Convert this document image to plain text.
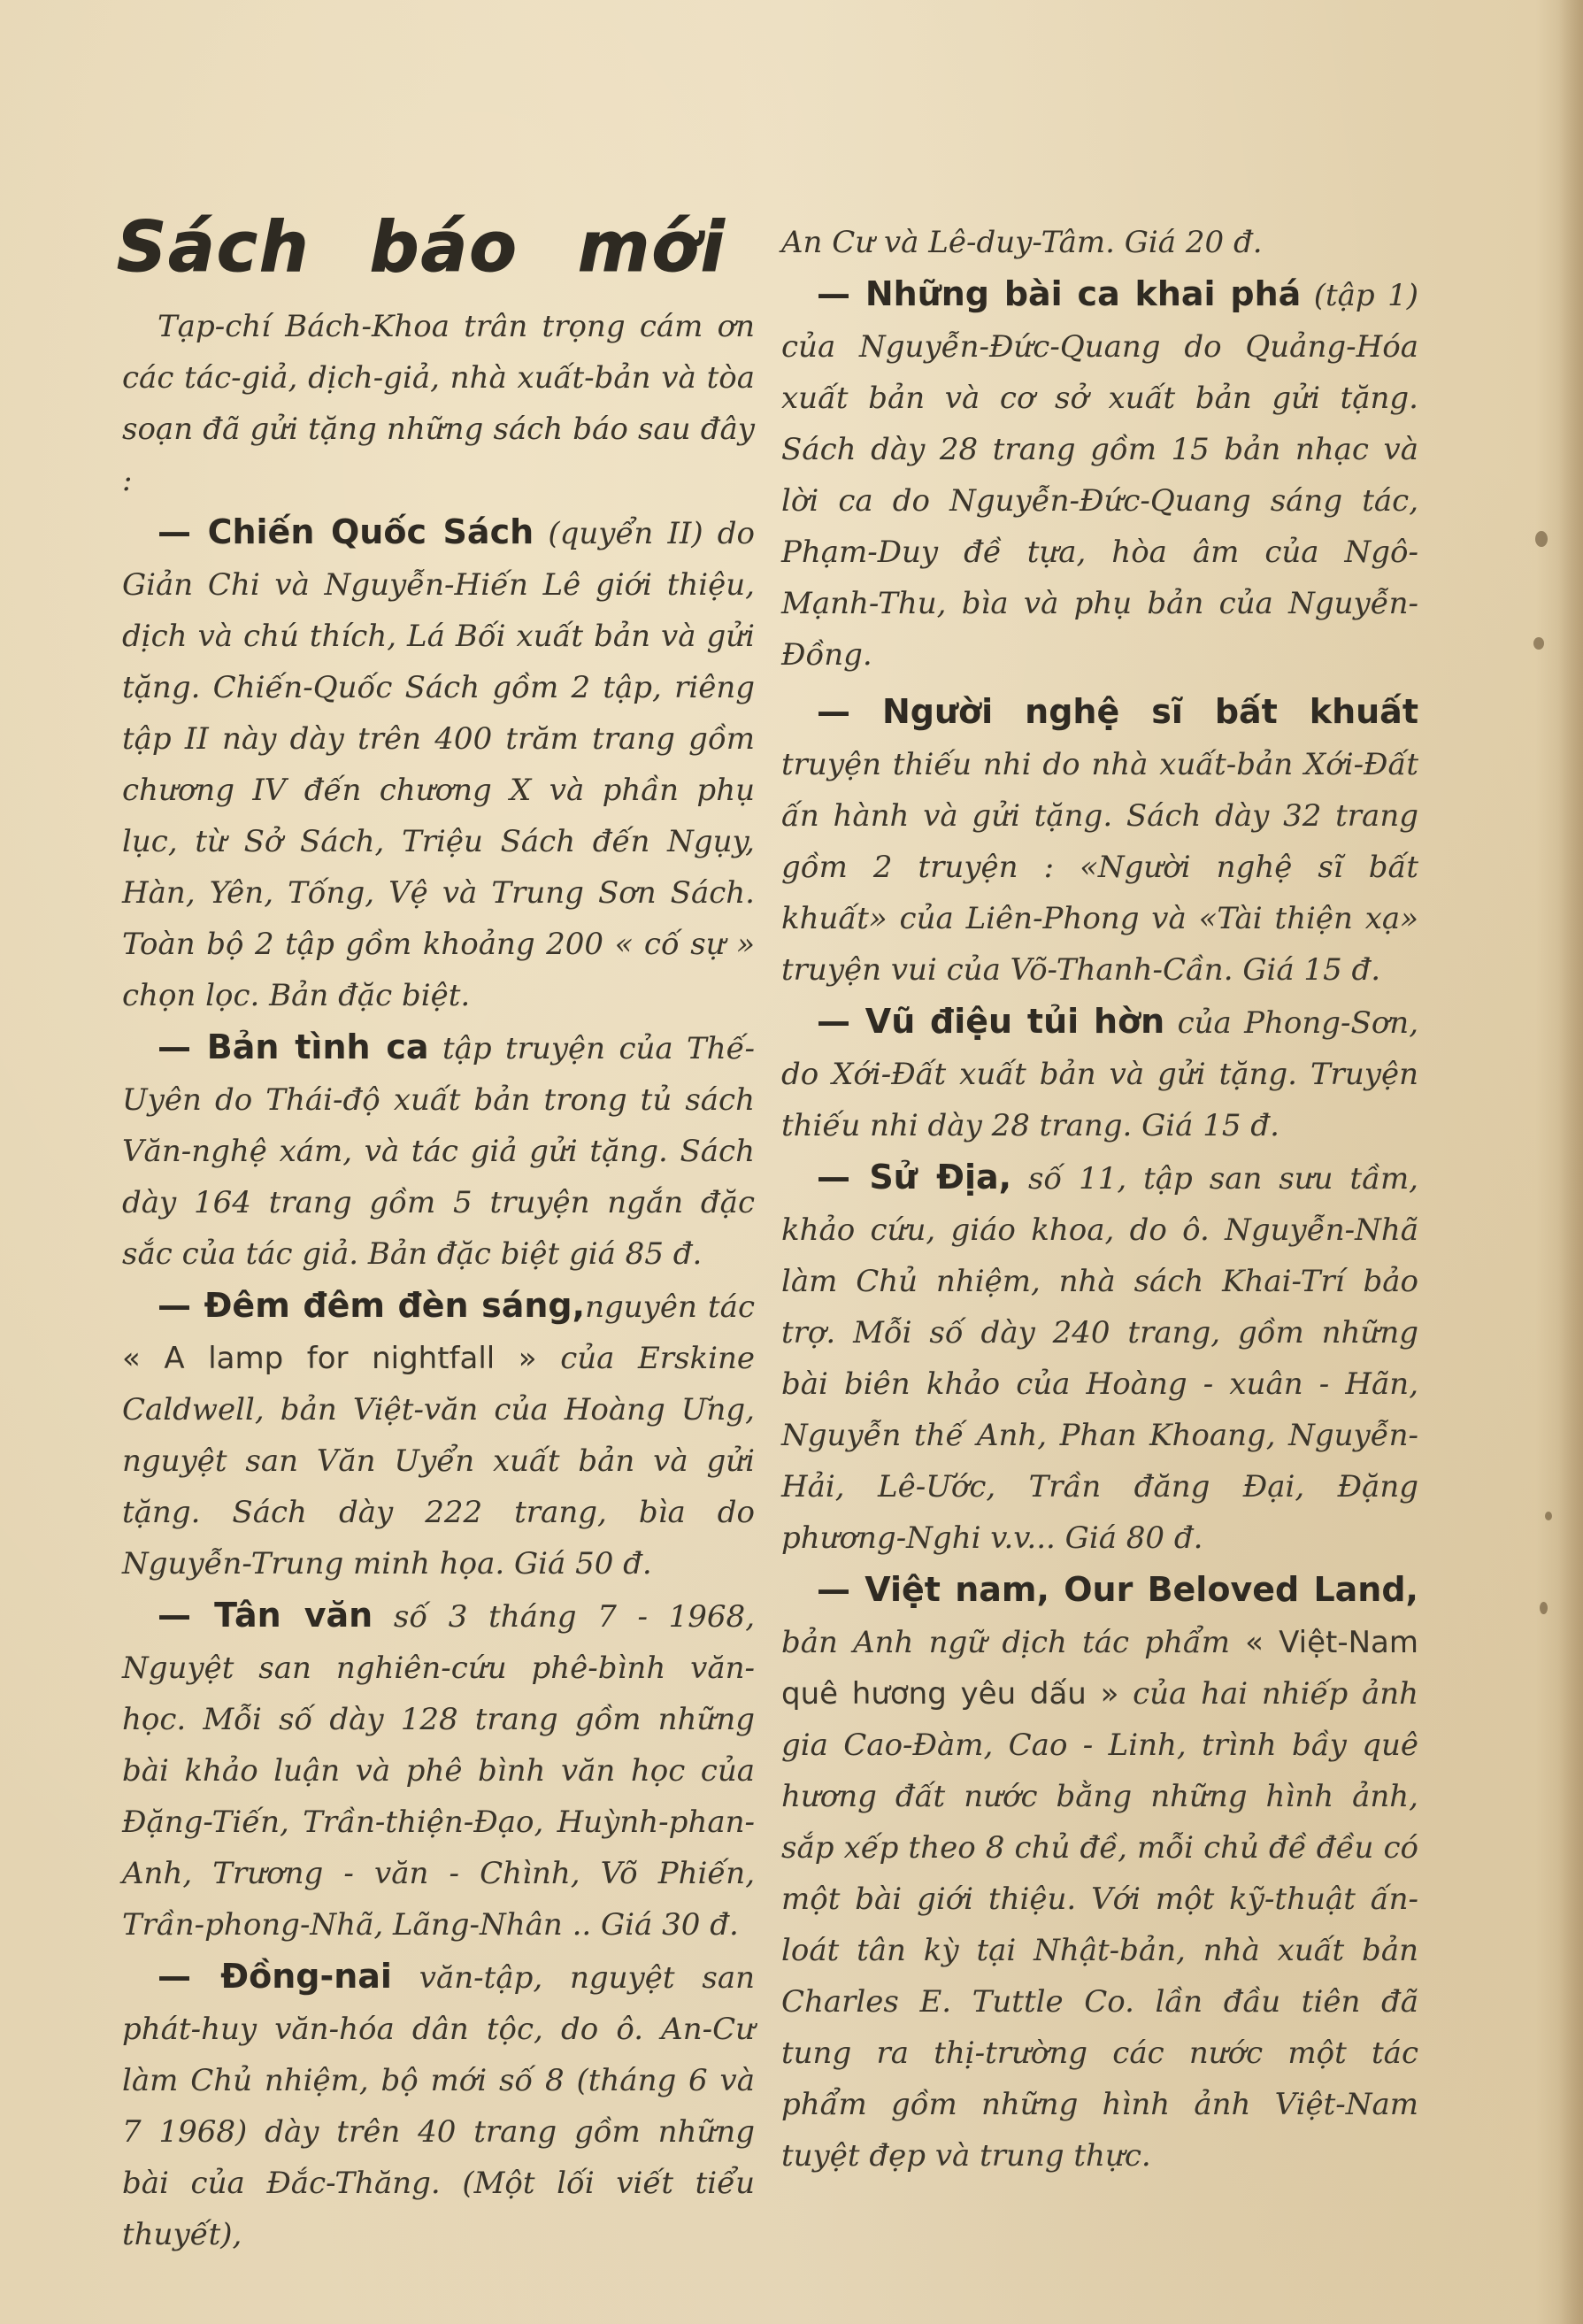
Sách báo mới

Tạp-chí Bách-Khoa trân trọng cám ơn các tác-giả, dịch-giả, nhà xuất-bản và tòa soạn đã gửi tặng những sách báo sau đây :

— Chiến Quốc Sách (quyển II) do Giản Chi và Nguyễn-Hiến Lê giới thiệu, dịch và chú thích, Lá Bối xuất bản và gửi tặng. Chiến-Quốc Sách gồm 2 tập, riêng tập II này dày trên 400 trăm trang gồm chương IV đến chương X và phần phụ lục, từ Sở Sách, Triệu Sách đến Ngụy, Hàn, Yên, Tống, Vệ và Trung Sơn Sách. Toàn bộ 2 tập gồm khoảng 200 « cố sự » chọn lọc. Bản đặc biệt.

— Bản tình ca tập truyện của Thế-Uyên do Thái-độ xuất bản trong tủ sách Văn-nghệ xám, và tác giả gửi tặng. Sách dày 164 trang gồm 5 truyện ngắn đặc sắc của tác giả. Bản đặc biệt giá 85 đ.

— Đêm đêm đèn sáng,nguyên tác « A lamp for nightfall » của Erskine Caldwell, bản Việt-văn của Hoàng Ưng, nguyệt san Văn Uyển xuất bản và gửi tặng. Sách dày 222 trang, bìa do Nguyễn-Trung minh họa. Giá 50 đ.

— Tân văn số 3 tháng 7 - 1968, Nguyệt san nghiên-cứu phê-bình văn-học. Mỗi số dày 128 trang gồm những bài khảo luận và phê bình văn học của Đặng-Tiến, Trần-thiện-Đạo, Huỳnh-phan-Anh, Trương - văn - Chình, Võ Phiến, Trần-phong-Nhã, Lãng-Nhân .. Giá 30 đ.

— Đồng-nai văn-tập, nguyệt san phát-huy văn-hóa dân tộc, do ô. An-Cư làm Chủ nhiệm, bộ mới số 8 (tháng 6 và 7 1968) dày trên 40 trang gồm những bài của Đắc-Thăng. (Một lối viết tiểu thuyết),

An Cư và Lê-duy-Tâm. Giá 20 đ.

— Những bài ca khai phá (tập 1) của Nguyễn-Đức-Quang do Quảng-Hóa xuất bản và cơ sở xuất bản gửi tặng. Sách dày 28 trang gồm 15 bản nhạc và lời ca do Nguyễn-Đức-Quang sáng tác, Phạm-Duy đề tựa, hòa âm của Ngô-Mạnh-Thu, bìa và phụ bản của Nguyễn-Đồng.

— Người nghệ sĩ bất khuất truyện thiếu nhi do nhà xuất-bản Xới-Đất ấn hành và gửi tặng. Sách dày 32 trang gồm 2 truyện : «Người nghệ sĩ bất khuất» của Liên-Phong và «Tài thiện xạ» truyện vui của Võ-Thanh-Cần. Giá 15 đ.

— Vũ điệu tủi hờn của Phong-Sơn, do Xới-Đất xuất bản và gửi tặng. Truyện thiếu nhi dày 28 trang. Giá 15 đ.

— Sử Địa, số 11, tập san sưu tầm, khảo cứu, giáo khoa, do ô. Nguyễn-Nhã làm Chủ nhiệm, nhà sách Khai-Trí bảo trợ. Mỗi số dày 240 trang, gồm những bài biên khảo của Hoàng - xuân - Hãn, Nguyễn thế Anh, Phan Khoang, Nguyễn-Hải, Lê-Ước, Trần đăng Đại, Đặng phương-Nghi v.v... Giá 80 đ.

— Việt nam, Our Beloved Land, bản Anh ngữ dịch tác phẩm « Việt-Nam quê hương yêu dấu » của hai nhiếp ảnh gia Cao-Đàm, Cao - Linh, trình bầy quê hương đất nước bằng những hình ảnh, sắp xếp theo 8 chủ đề, mỗi chủ đề đều có một bài giới thiệu. Với một kỹ-thuật ấn-loát tân kỳ tại Nhật-bản, nhà xuất bản Charles E. Tuttle Co. lần đầu tiên đã tung ra thị-trường các nước một tác phẩm gồm những hình ảnh Việt-Nam tuyệt đẹp và trung thực.
